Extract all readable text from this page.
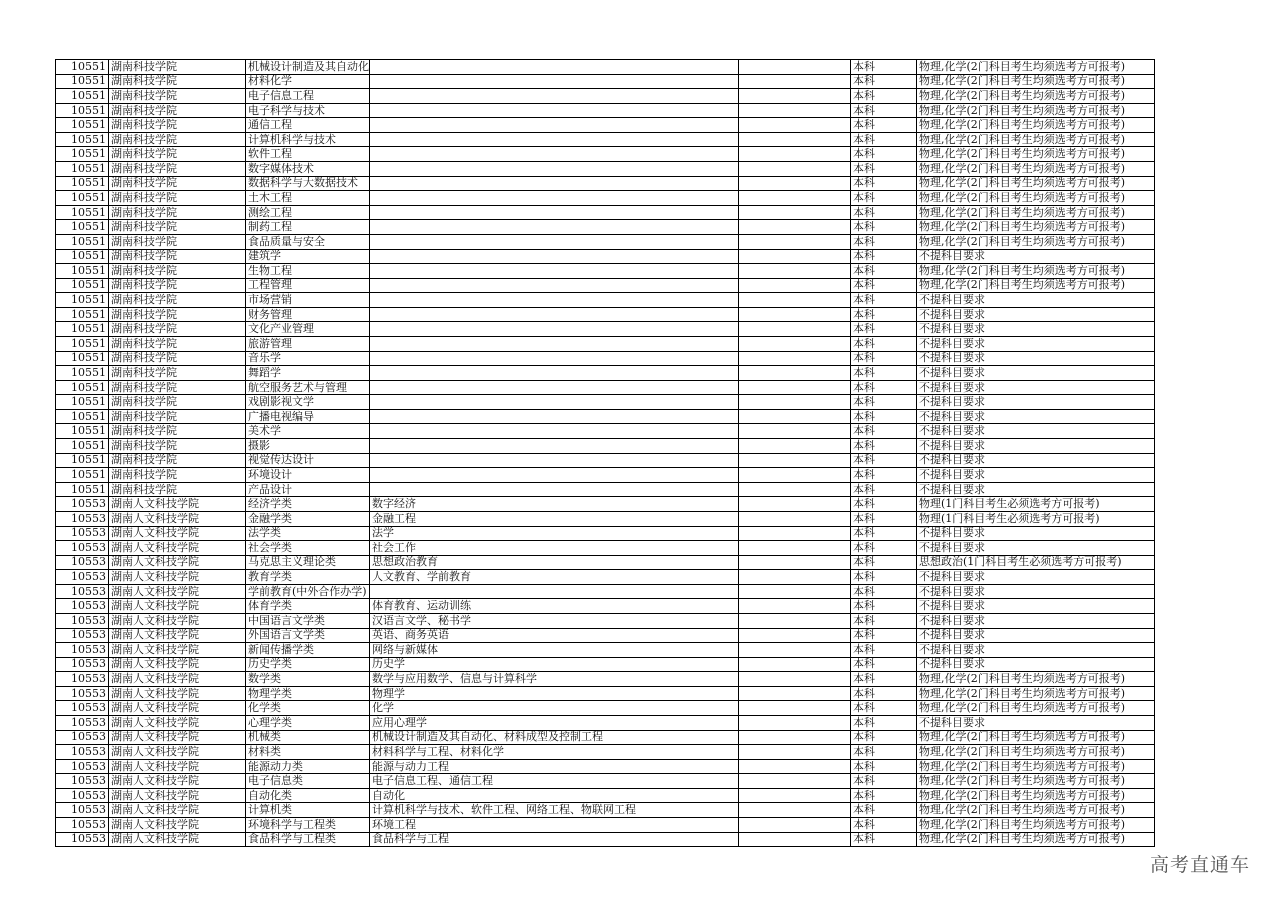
10551	湖南科技学院	机械设计制造及其自动化			本科	物理,化学(2门科目考生均须选考方可报考)
10551	湖南科技学院	材料化学			本科	物理,化学(2门科目考生均须选考方可报考)
10551	湖南科技学院	电子信息工程			本科	物理,化学(2门科目考生均须选考方可报考)
10551	湖南科技学院	电子科学与技术			本科	物理,化学(2门科目考生均须选考方可报考)
10551	湖南科技学院	通信工程			本科	物理,化学(2门科目考生均须选考方可报考)
10551	湖南科技学院	计算机科学与技术			本科	物理,化学(2门科目考生均须选考方可报考)
10551	湖南科技学院	软件工程			本科	物理,化学(2门科目考生均须选考方可报考)
10551	湖南科技学院	数字媒体技术			本科	物理,化学(2门科目考生均须选考方可报考)
10551	湖南科技学院	数据科学与大数据技术			本科	物理,化学(2门科目考生均须选考方可报考)
10551	湖南科技学院	土木工程			本科	物理,化学(2门科目考生均须选考方可报考)
10551	湖南科技学院	测绘工程			本科	物理,化学(2门科目考生均须选考方可报考)
10551	湖南科技学院	制药工程			本科	物理,化学(2门科目考生均须选考方可报考)
10551	湖南科技学院	食品质量与安全			本科	物理,化学(2门科目考生均须选考方可报考)
10551	湖南科技学院	建筑学			本科	不提科目要求
10551	湖南科技学院	生物工程			本科	物理,化学(2门科目考生均须选考方可报考)
10551	湖南科技学院	工程管理			本科	物理,化学(2门科目考生均须选考方可报考)
10551	湖南科技学院	市场营销			本科	不提科目要求
10551	湖南科技学院	财务管理			本科	不提科目要求
10551	湖南科技学院	文化产业管理			本科	不提科目要求
10551	湖南科技学院	旅游管理			本科	不提科目要求
10551	湖南科技学院	音乐学			本科	不提科目要求
10551	湖南科技学院	舞蹈学			本科	不提科目要求
10551	湖南科技学院	航空服务艺术与管理			本科	不提科目要求
10551	湖南科技学院	戏剧影视文学			本科	不提科目要求
10551	湖南科技学院	广播电视编导			本科	不提科目要求
10551	湖南科技学院	美术学			本科	不提科目要求
10551	湖南科技学院	摄影			本科	不提科目要求
10551	湖南科技学院	视觉传达设计			本科	不提科目要求
10551	湖南科技学院	环境设计			本科	不提科目要求
10551	湖南科技学院	产品设计			本科	不提科目要求
10553	湖南人文科技学院	经济学类	数字经济		本科	物理(1门科目考生必须选考方可报考)
10553	湖南人文科技学院	金融学类	金融工程		本科	物理(1门科目考生必须选考方可报考)
10553	湖南人文科技学院	法学类	法学		本科	不提科目要求
10553	湖南人文科技学院	社会学类	社会工作		本科	不提科目要求
10553	湖南人文科技学院	马克思主义理论类	思想政治教育		本科	思想政治(1门科目考生必须选考方可报考)
10553	湖南人文科技学院	教育学类	人文教育、学前教育		本科	不提科目要求
10553	湖南人文科技学院	学前教育(中外合作办学)			本科	不提科目要求
10553	湖南人文科技学院	体育学类	体育教育、运动训练		本科	不提科目要求
10553	湖南人文科技学院	中国语言文学类	汉语言文学、秘书学		本科	不提科目要求
10553	湖南人文科技学院	外国语言文学类	英语、商务英语		本科	不提科目要求
10553	湖南人文科技学院	新闻传播学类	网络与新媒体		本科	不提科目要求
10553	湖南人文科技学院	历史学类	历史学		本科	不提科目要求
10553	湖南人文科技学院	数学类	数学与应用数学、信息与计算科学		本科	物理,化学(2门科目考生均须选考方可报考)
10553	湖南人文科技学院	物理学类	物理学		本科	物理,化学(2门科目考生均须选考方可报考)
10553	湖南人文科技学院	化学类	化学		本科	物理,化学(2门科目考生均须选考方可报考)
10553	湖南人文科技学院	心理学类	应用心理学		本科	不提科目要求
10553	湖南人文科技学院	机械类	机械设计制造及其自动化、材料成型及控制工程		本科	物理,化学(2门科目考生均须选考方可报考)
10553	湖南人文科技学院	材料类	材料科学与工程、材料化学		本科	物理,化学(2门科目考生均须选考方可报考)
10553	湖南人文科技学院	能源动力类	能源与动力工程		本科	物理,化学(2门科目考生均须选考方可报考)
10553	湖南人文科技学院	电子信息类	电子信息工程、通信工程		本科	物理,化学(2门科目考生均须选考方可报考)
10553	湖南人文科技学院	自动化类	自动化		本科	物理,化学(2门科目考生均须选考方可报考)
10553	湖南人文科技学院	计算机类	计算机科学与技术、软件工程、网络工程、物联网工程		本科	物理,化学(2门科目考生均须选考方可报考)
10553	湖南人文科技学院	环境科学与工程类	环境工程		本科	物理,化学(2门科目考生均须选考方可报考)
10553	湖南人文科技学院	食品科学与工程类	食品科学与工程		本科	物理,化学(2门科目考生均须选考方可报考)
高考直通车
